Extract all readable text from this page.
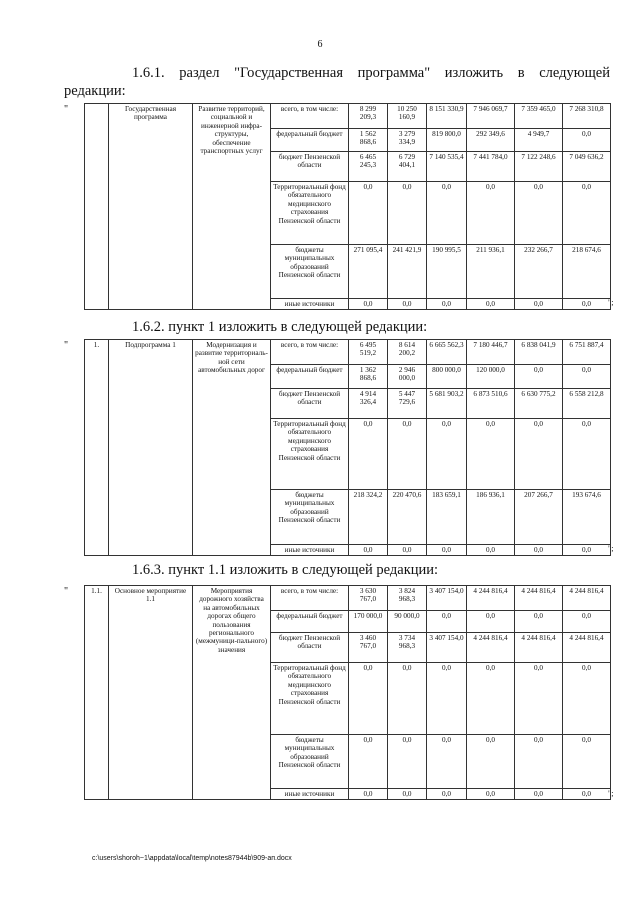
6
1.6.1. раздел "Государственная программа" изложить в следующей
редакции:
1.6.2. пункт 1 изложить в следующей редакции:
1.6.3. пункт 1.1 изложить в следующей редакции:
"
";
"
";
"
";
	Государственная программа	Развитие территорий, социальной и инженерной инфра-структуры, обеспечение транспортных услуг	всего, в том числе:	8 299 209,3	10 250 160,9	8 151 330,9	7 946 069,7	7 359 465,0	7 268 310,8
			федеральный бюджет	1 562 868,6	3 279 334,9	819 800,0	292 349,6	4 949,7	0,0
			бюджет Пензенской области	6 465 245,3	6 729 404,1	7 140 535,4	7 441 784,0	7 122 248,6	7 049 636,2
			Территориальный фонд обязательного медицинского страхования Пензенской области	0,0	0,0	0,0	0,0	0,0	0,0
			бюджеты муниципальных образований Пензенской области	271 095,4	241 421,9	190 995,5	211 936,1	232 266,7	218 674,6
			иные источники	0,0	0,0	0,0	0,0	0,0	0,0
1.	Подпрограмма 1	Модернизация и развитие территориаль-ной сети автомобильных дорог	всего, в том числе:	6 495 519,2	8 614 200,2	6 665 562,3	7 180 446,7	6 838 041,9	6 751 887,4
			федеральный бюджет	1 362 868,6	2 946 000,0	800 000,0	120 000,0	0,0	0,0
			бюджет Пензенской области	4 914 326,4	5 447 729,6	5 681 903,2	6 873 510,6	6 630 775,2	6 558 212,8
			Территориальный фонд обязательного медицинского страхования Пензенской области	0,0	0,0	0,0	0,0	0,0	0,0
			бюджеты муниципальных образований Пензенской области	218 324,2	220 470,6	183 659,1	186 936,1	207 266,7	193 674,6
			иные источники	0,0	0,0	0,0	0,0	0,0	0,0
1.1.	Основное мероприятие 1.1	Мероприятия дорожного хозяйства на автомобильных дорогах общего пользования регионального (межмуници-пального) значения	всего, в том числе:	3 630 767,0	3 824 968,3	3 407 154,0	4 244 816,4	4 244 816,4	4 244 816,4
			федеральный бюджет	170 000,0	90 000,0	0,0	0,0	0,0	0,0
			бюджет Пензенской области	3 460 767,0	3 734 968,3	3 407 154,0	4 244 816,4	4 244 816,4	4 244 816,4
			Территориальный фонд обязательного медицинского страхования Пензенской области	0,0	0,0	0,0	0,0	0,0	0,0
			бюджеты муниципальных образований Пензенской области	0,0	0,0	0,0	0,0	0,0	0,0
			иные источники	0,0	0,0	0,0	0,0	0,0	0,0
c:\users\shoroh~1\appdata\local\temp\notes87944b\909-ап.docx
